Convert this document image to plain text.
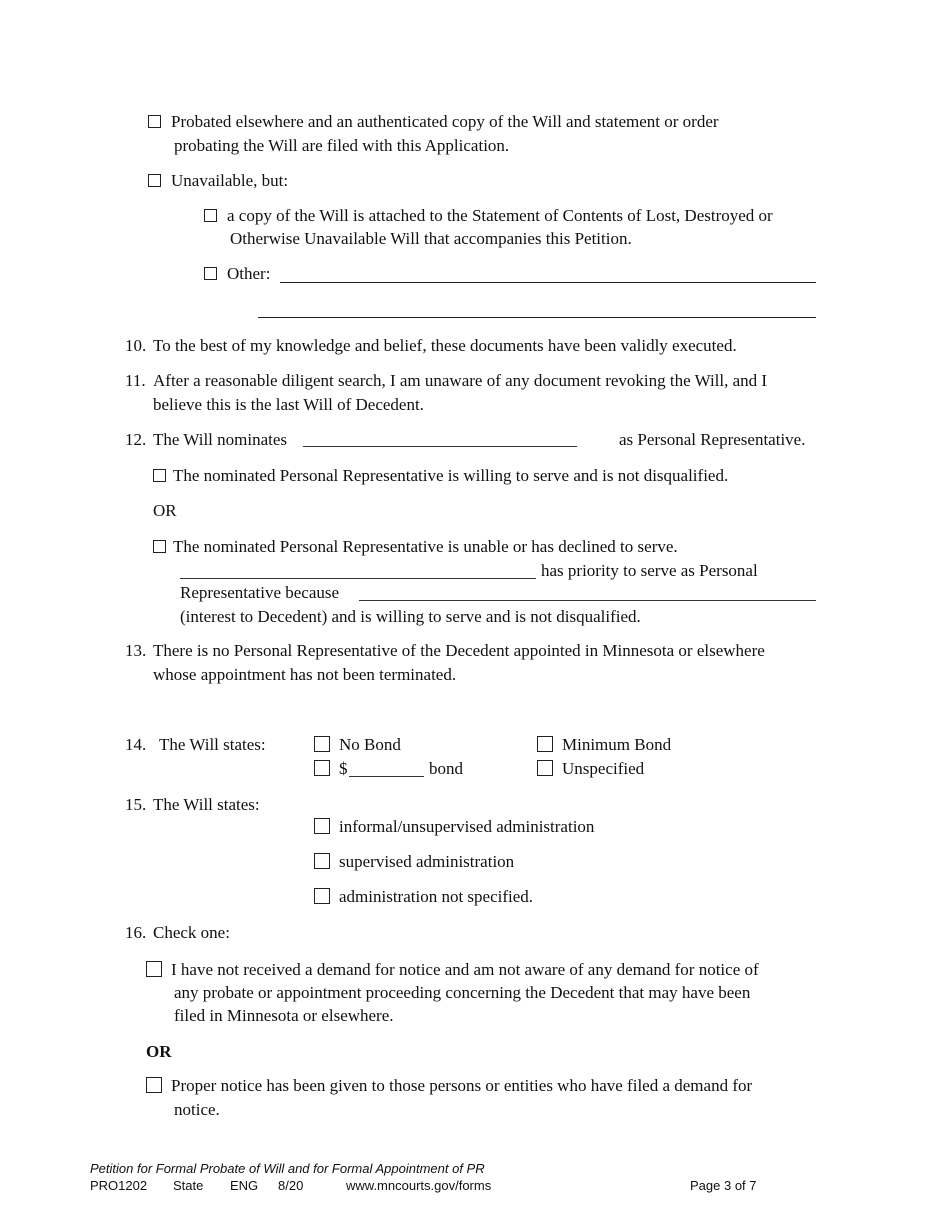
Probated elsewhere and an authenticated copy of the Will and statement or order
probating the Will are filed with this Application.
Unavailable, but:
a copy of the Will is attached to the Statement of Contents of Lost, Destroyed or
Otherwise Unavailable Will that accompanies this Petition.
Other:
10. To the best of my knowledge and belief, these documents have been validly executed.
11. After a reasonable diligent search, I am unaware of any document revoking the Will, and I
believe this is the last Will of Decedent.
12. The Will nominates _________________________________ as Personal Representative.
The nominated Personal Representative is willing to serve and is not disqualified.
OR
The nominated Personal Representative is unable or has declined to serve.
has priority to serve as Personal
Representative because
(interest to Decedent) and is willing to serve and is not disqualified.
13. There is no Personal Representative of the Decedent appointed in Minnesota or elsewhere
whose appointment has not been terminated.
14. The Will states:	No Bond	Minimum Bond
$	bond	Unspecified
15. The Will states:
informal/unsupervised administration
supervised administration
administration not specified.
16. Check one:
I have not received a demand for notice and am not aware of any demand for notice of
any probate or appointment proceeding concerning the Decedent that may have been
filed in Minnesota or elsewhere.
OR
Proper notice has been given to those persons or entities who have filed a demand for
notice.
Petition for Formal Probate of Will and for Formal Appointment of PR
PRO1202 State ENG 8/20	www.mncourts.gov/forms	Page 3 of 7
